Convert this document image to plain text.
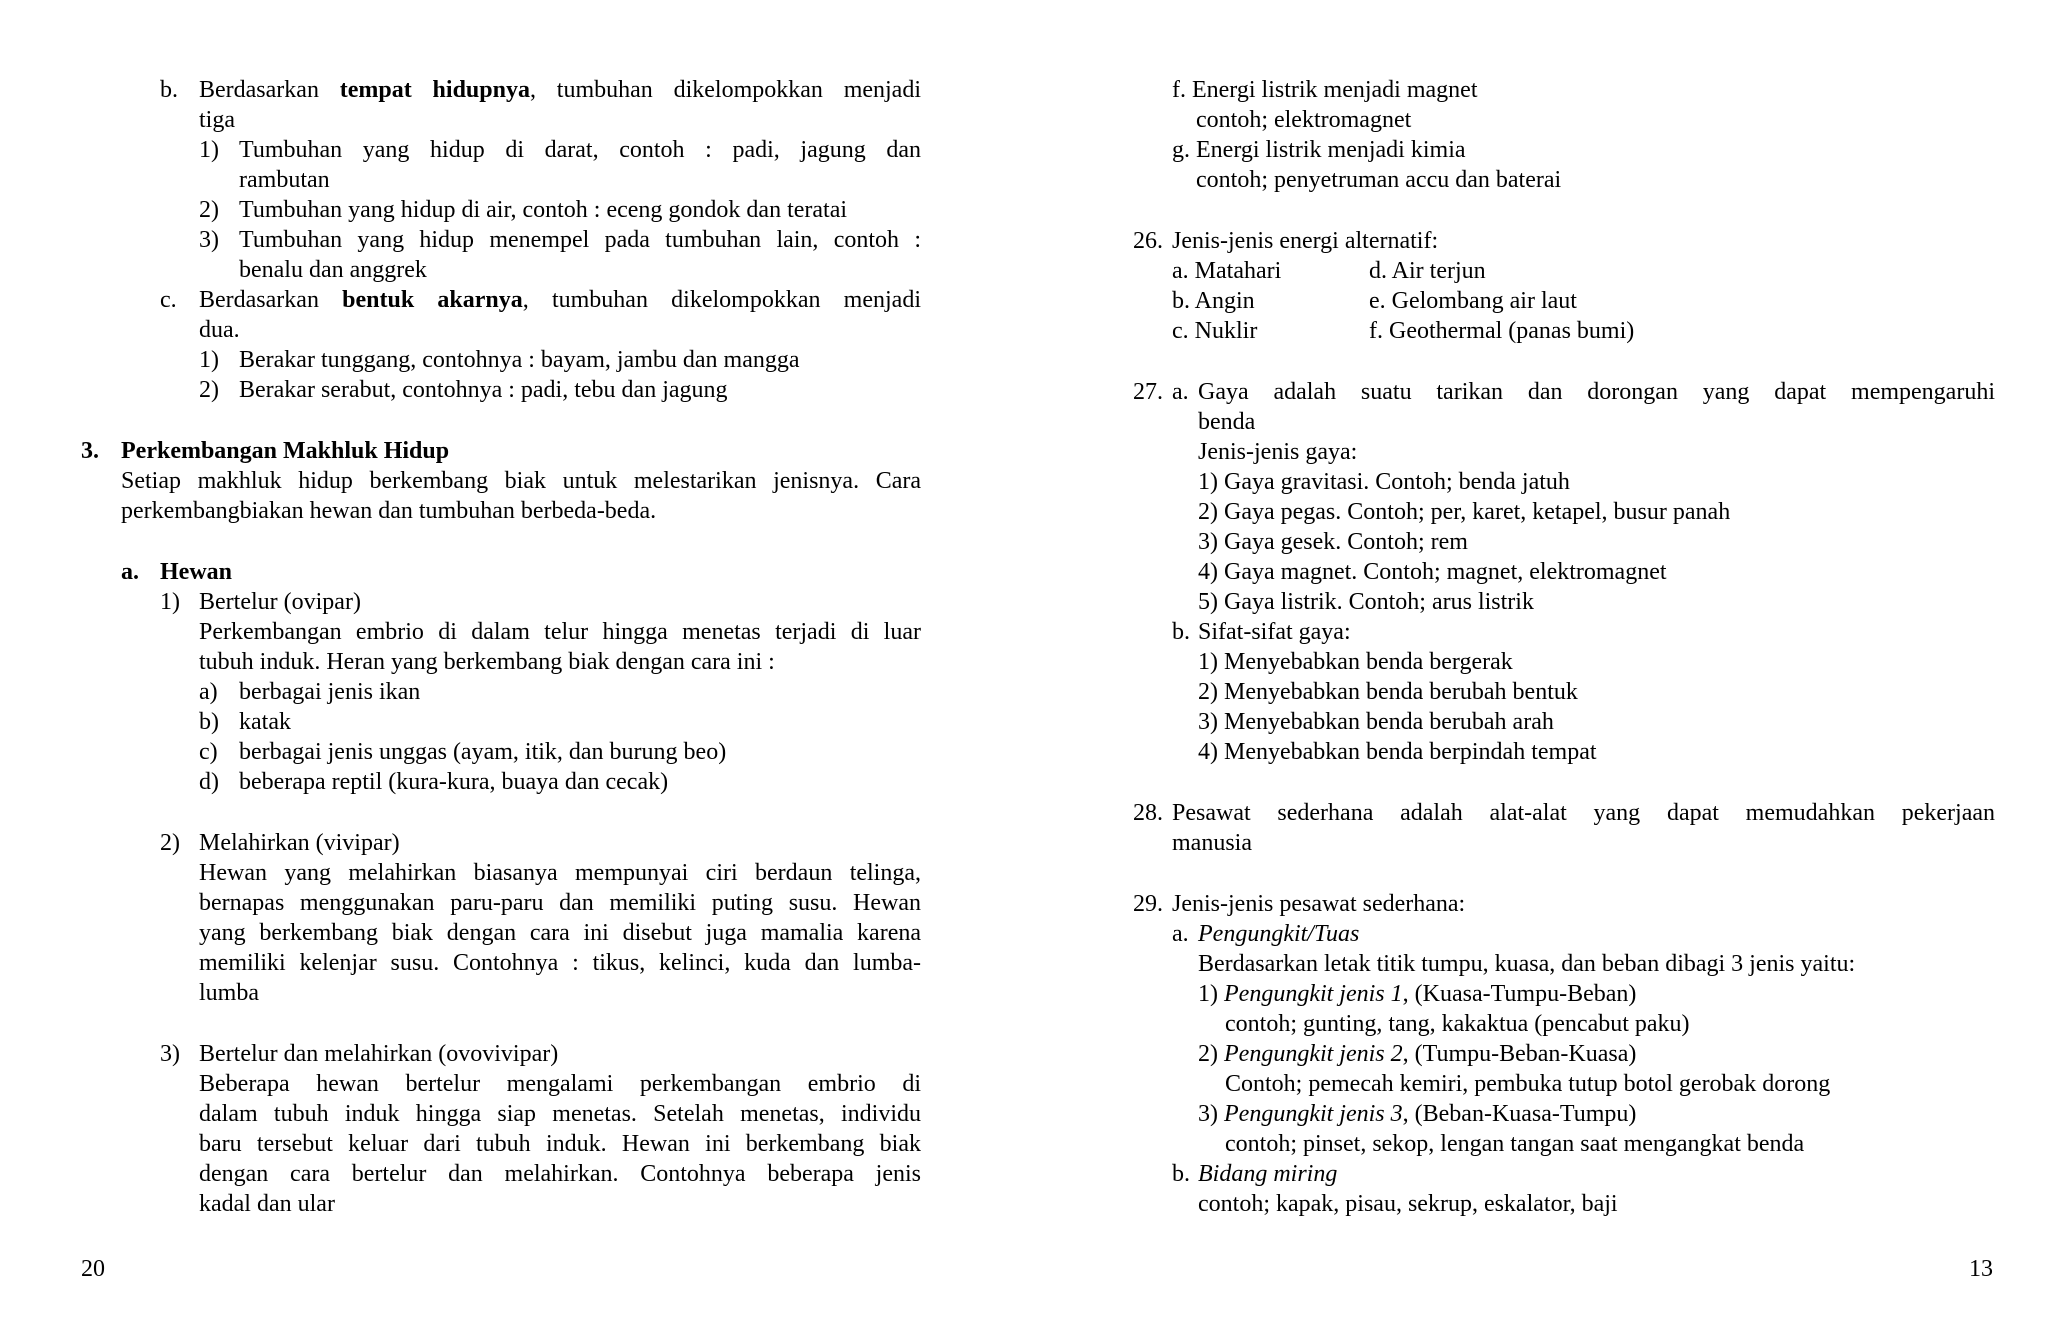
b. Berdasarkan tempat hidupnya, tumbuhan dikelompokkan menjadi
tiga
1) Tumbuhan yang hidup di darat, contoh : padi, jagung dan
rambutan
2) Tumbuhan yang hidup di air, contoh : eceng gondok dan teratai
3) Tumbuhan yang hidup menempel pada tumbuhan lain, contoh :
benalu dan anggrek
c. Berdasarkan bentuk akarnya, tumbuhan dikelompokkan menjadi
dua.
1) Berakar tunggang, contohnya : bayam, jambu dan mangga
2) Berakar serabut, contohnya : padi, tebu dan jagung
3. Perkembangan Makhluk Hidup
Setiap makhluk hidup berkembang biak untuk melestarikan jenisnya. Cara
perkembangbiakan hewan dan tumbuhan berbeda-beda.
a. Hewan
1) Bertelur (ovipar)
Perkembangan embrio di dalam telur hingga menetas terjadi di luar
tubuh induk. Heran yang berkembang biak dengan cara ini :
a) berbagai jenis ikan
b) katak
c) berbagai jenis unggas (ayam, itik, dan burung beo)
d) beberapa reptil (kura-kura, buaya dan cecak)
2) Melahirkan (vivipar)
Hewan yang melahirkan biasanya mempunyai ciri berdaun telinga,
bernapas menggunakan paru-paru dan memiliki puting susu. Hewan
yang berkembang biak dengan cara ini disebut juga mamalia karena
memiliki kelenjar susu. Contohnya : tikus, kelinci, kuda dan lumba-
lumba
3) Bertelur dan melahirkan (ovovivipar)
Beberapa hewan bertelur mengalami perkembangan embrio di
dalam tubuh induk hingga siap menetas. Setelah menetas, individu
baru tersebut keluar dari tubuh induk. Hewan ini berkembang biak
dengan cara bertelur dan melahirkan. Contohnya beberapa jenis
kadal dan ular
20
f. Energi listrik menjadi magnet
contoh; elektromagnet
g. Energi listrik menjadi kimia
contoh; penyetruman accu dan baterai
26. Jenis-jenis energi alternatif:
a. Matahari
b. Angin
c. Nuklir
d. Air terjun
e. Gelombang air laut
f. Geothermal (panas bumi)
27. a. Gaya adalah suatu tarikan dan dorongan yang dapat mempengaruhi
benda
Jenis-jenis gaya:
1) Gaya gravitasi. Contoh; benda jatuh
2) Gaya pegas. Contoh; per, karet, ketapel, busur panah
3) Gaya gesek. Contoh; rem
4) Gaya magnet. Contoh; magnet, elektromagnet
5) Gaya listrik. Contoh; arus listrik
b. Sifat-sifat gaya:
1) Menyebabkan benda bergerak
2) Menyebabkan benda berubah bentuk
3) Menyebabkan benda berubah arah
4) Menyebabkan benda berpindah tempat
28. Pesawat sederhana adalah alat-alat yang dapat memudahkan pekerjaan
manusia
29. Jenis-jenis pesawat sederhana:
a. Pengungkit/Tuas
Berdasarkan letak titik tumpu, kuasa, dan beban dibagi 3 jenis yaitu:
1) Pengungkit jenis 1, (Kuasa-Tumpu-Beban)
contoh; gunting, tang, kakaktua (pencabut paku)
2) Pengungkit jenis 2, (Tumpu-Beban-Kuasa)
Contoh; pemecah kemiri, pembuka tutup botol gerobak dorong
3) Pengungkit jenis 3, (Beban-Kuasa-Tumpu)
contoh; pinset, sekop, lengan tangan saat mengangkat benda
b. Bidang miring
contoh; kapak, pisau, sekrup, eskalator, baji
13
